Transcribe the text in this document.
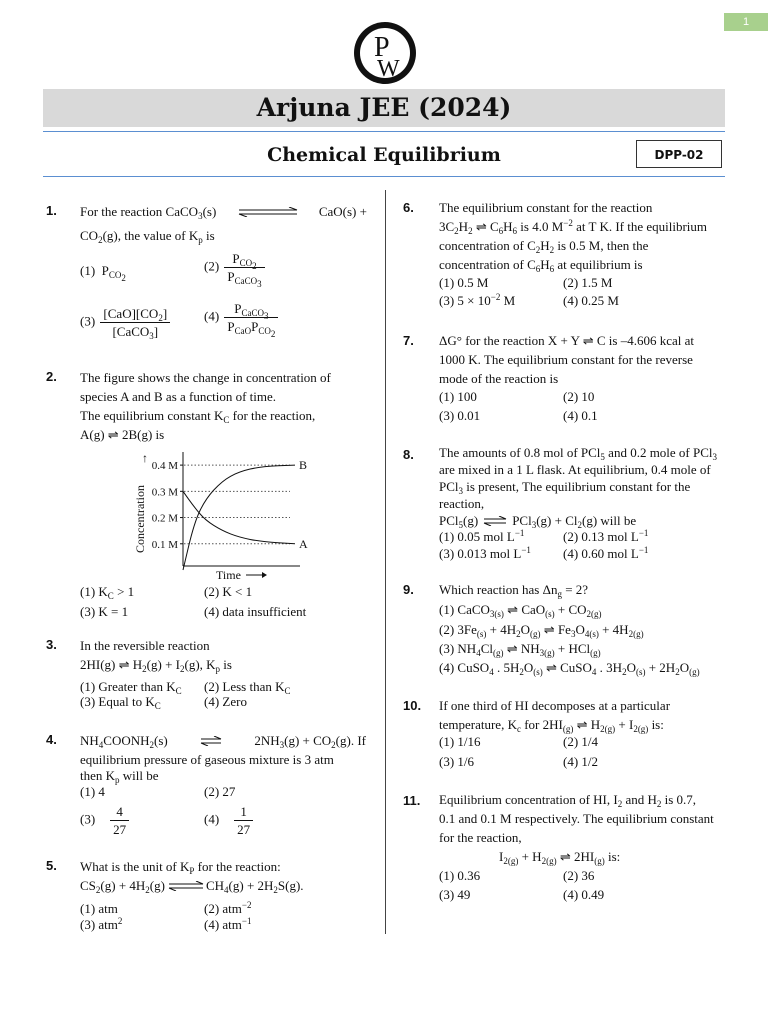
1
P
W
Arjuna JEE (2024)
Chemical Equilibrium	DPP-02
1. For the reaction CaCO$_3$(s)	CaO(s) +
$CO_2(g)$, the value of $K_p$ is
(1)  $P_{CO_2}$
$(2) \frac{P_{CO_2}}{P_{CaCO_3}}$
$(3) \frac{[CaO][CO_2]}{[CaCO_3]}$	$(4) \frac{P_{CaCO_3}}{P_{CaO}P_{CO_2}}$
2. The figure shows the change in concentration of
species A and B as a function of time.
The equilibrium constant $K_C$ for the reaction,
A(g) ⇌ 2B(g) is
↑
0.4 M
0.3 M
0.2 M
0.1 M
B
A
Concentration
Time
(1) $K_C > 1$	(2) K < 1
(3) K = 1	(4) data insufficient
3. In the reversible reaction
2HI(g) ⇌ $H_2(g) + I_2(g)$, $K_p$ is
(1) Greater than $K_C$ (2) Less than $K_C$
(3) Equal to $K_C$	(4) Zero
4. $NH_4COONH_2(s)$	$2NH_3(g) + CO_2(g)$. If
equilibrium pressure of gaseous mixture is 3 atm
then $K_p$ will be
(1) 4	(2) 27
$(3) \frac{4}{27}$	$(4) \frac{1}{27}$
5. What is the unit of $K_P$ for the reaction:
$CS_2(g) + 4H_2(g)$ ⇌ $CH_4(g) + 2H_2S(g)$.
(1) atm	(2) atm$^{-2}$
(3) atm$^2$	(4) atm$^{-1}$
6. The equilibrium constant for the reaction
$3C_2H_2$ ⇌ $C_6H_6$ is 4.0 $M^{-2}$ at T K. If the equilibrium
concentration of $C_2H_2$ is 0.5 M, then the
concentration of $C_6H_6$ at equilibrium is
(1) 0.5 M	(2) 1.5 M
(3) $5 \times 10^{-2}$ M	(4) 0.25 M
7. ΔG° for the reaction X + Y ⇌ C is –4.606 kcal at
1000 K. The equilibrium constant for the reverse
mode of the reaction is
(1) 100	(2) 10
(3) 0.01	(4) 0.1
8. The amounts of 0.8 mol of PCl$_5$ and 0.2 mole of PCl$_3$
are mixed in a 1 L flask. At equilibrium, 0.4 mole of
PCl$_3$ is present, The equilibrium constant for the
reaction,
PCl$_5$(g) ⇌ $PCl_3(g) + Cl_2(g)$ will be
(1) 0.05 mol $L^{-1}$	(2) 0.13 mol $L^{-1}$
(3) 0.013 mol $L^{-1}$ (4) 0.60 mol $L^{-1}$
9. Which reaction has $\Delta n_g = 2$?
(1) CaCO$_{3(s)}$ ⇌ $CaO_{(s)} + CO_{2(g)}$
(2) $3Fe_{(s)} + 4H_2O_{(g)}$ ⇌ $Fe_3O_{4(s)} + 4H_{2(g)}$
(3) $NH_4Cl_{(g)}$ ⇌ $NH_{3(g)} + HCl_{(g)}$
(4) CuSO$_4$ . $5H_2O_{(s)}$ ⇌ CuSO$_4$ . $3H_2O_{(s)} + 2H_2O_{(g)}$
10. If one third of HI decomposes at a particular
temperature, $K_c$ for $2HI_{(g)}$ ⇌ $H_{2(g)} + I_{2(g)}$ is:
(1) 1/16	(2) 1/4
(3) 1/6	(4) 1/2
11. Equilibrium concentration of HI, $I_2$ and $H_2$ is 0.7,
0.1 and 0.1 M respectively. The equilibrium constant
for the reaction,
$I_{2(g)} + H_{2(g)}$ ⇌ $2HI_{(g)}$ is:
(1) 0.36	(2) 36
(3) 49	(4) 0.49
